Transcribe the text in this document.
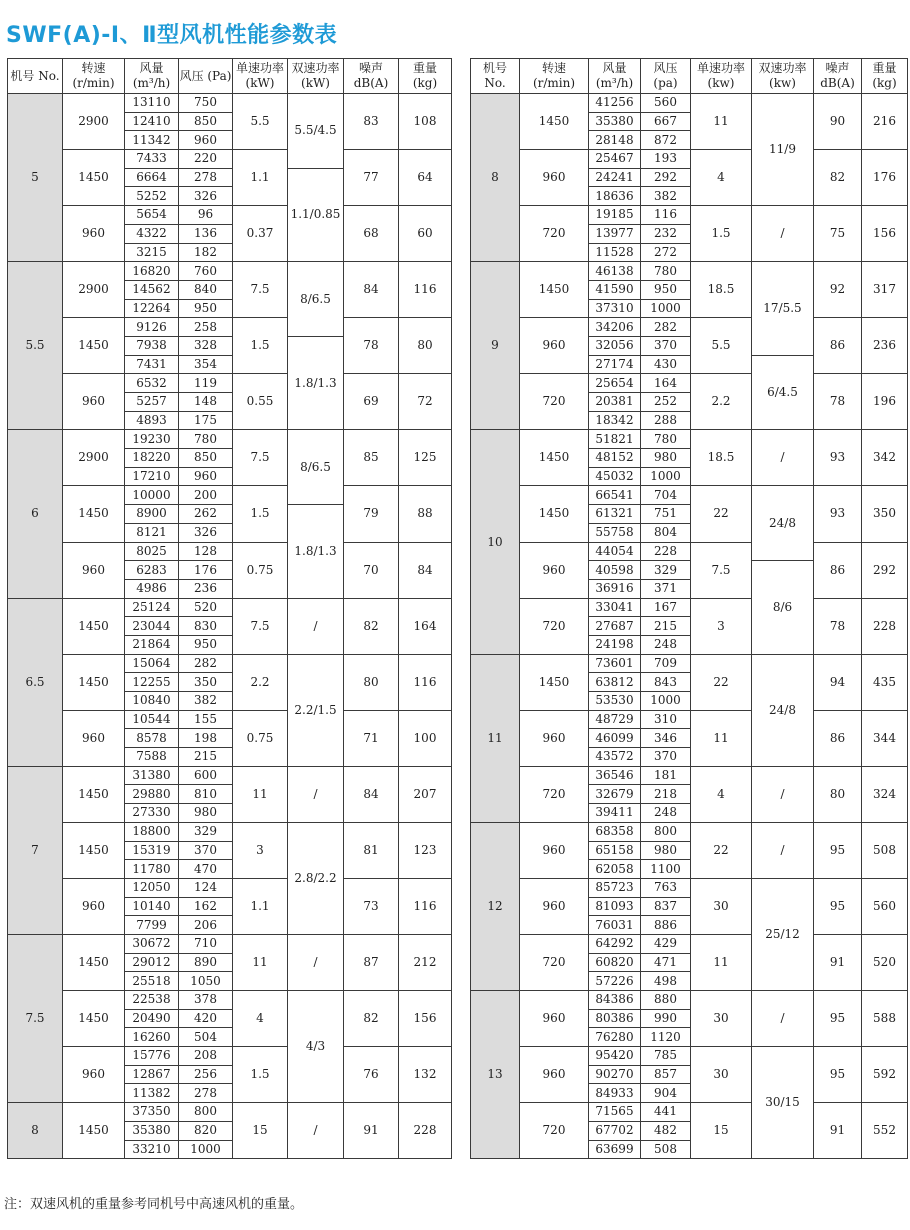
SWF(A)-Ⅰ、Ⅱ型风机性能参数表
机号 No.	转速 (r/min)	风量 (m³/h)	风压 (Pa)	单速功率 (kW)	双速功率 (kW)	噪声 dB(A)	重量 (kg)
5	2900	13110	750	5.5	5.5/4.5	83	108
		12410	850				
		11342	960				
	1450	7433	220	1.1		77	64
		6664	278		1.1/0.85		
		5252	326				
	960	5654	96	0.37		68	60
		4322	136				
		3215	182				
5.5	2900	16820	760	7.5	8/6.5	84	116
		14562	840				
		12264	950				
	1450	9126	258	1.5		78	80
		7938	328		1.8/1.3		
		7431	354				
	960	6532	119	0.55		69	72
		5257	148				
		4893	175				
6	2900	19230	780	7.5	8/6.5	85	125
		18220	850				
		17210	960				
	1450	10000	200	1.5		79	88
		8900	262		1.8/1.3		
		8121	326				
	960	8025	128	0.75		70	84
		6283	176				
		4986	236				
6.5	1450	25124	520	7.5	/	82	164
		23044	830				
		21864	950				
	1450	15064	282	2.2	2.2/1.5	80	116
		12255	350				
		10840	382				
	960	10544	155	0.75		71	100
		8578	198				
		7588	215				
7	1450	31380	600	11	/	84	207
		29880	810				
		27330	980				
	1450	18800	329	3	2.8/2.2	81	123
		15319	370				
		11780	470				
	960	12050	124	1.1		73	116
		10140	162				
		7799	206				
7.5	1450	30672	710	11	/	87	212
		29012	890				
		25518	1050				
	1450	22538	378	4	4/3	82	156
		20490	420				
		16260	504				
	960	15776	208	1.5		76	132
		12867	256				
		11382	278				
8	1450	37350	800	15	/	91	228
		35380	820				
		33210	1000				
机号 No.	转速 (r/min)	风量 (m³/h)	风压 (pa)	单速功率 (kw)	双速功率 (kw)	噪声 dB(A)	重量 (kg)
8	1450	41256	560	11	11/9	90	216
		35380	667				
		28148	872				
	960	25467	193	4		82	176
		24241	292				
		18636	382				
	720	19185	116	1.5	/	75	156
		13977	232				
		11528	272				
9	1450	46138	780	18.5	17/5.5	92	317
		41590	950				
		37310	1000				
	960	34206	282	5.5		86	236
		32056	370				
		27174	430		6/4.5		
	720	25654	164	2.2		78	196
		20381	252				
		18342	288				
10	1450	51821	780	18.5	/	93	342
		48152	980				
		45032	1000				
	1450	66541	704	22	24/8	93	350
		61321	751				
		55758	804				
	960	44054	228	7.5		86	292
		40598	329		8/6		
		36916	371				
	720	33041	167	3		78	228
		27687	215				
		24198	248				
11	1450	73601	709	22	24/8	94	435
		63812	843				
		53530	1000				
	960	48729	310	11		86	344
		46099	346				
		43572	370				
	720	36546	181	4	/	80	324
		32679	218				
		39411	248				
12	960	68358	800	22	/	95	508
		65158	980				
		62058	1100				
	960	85723	763	30	25/12	95	560
		81093	837				
		76031	886				
	720	64292	429	11		91	520
		60820	471				
		57226	498				
13	960	84386	880	30	/	95	588
		80386	990				
		76280	1120				
	960	95420	785	30	30/15	95	592
		90270	857				
		84933	904				
	720	71565	441	15		91	552
		67702	482				
		63699	508				
注：双速风机的重量参考同机号中高速风机的重量。
